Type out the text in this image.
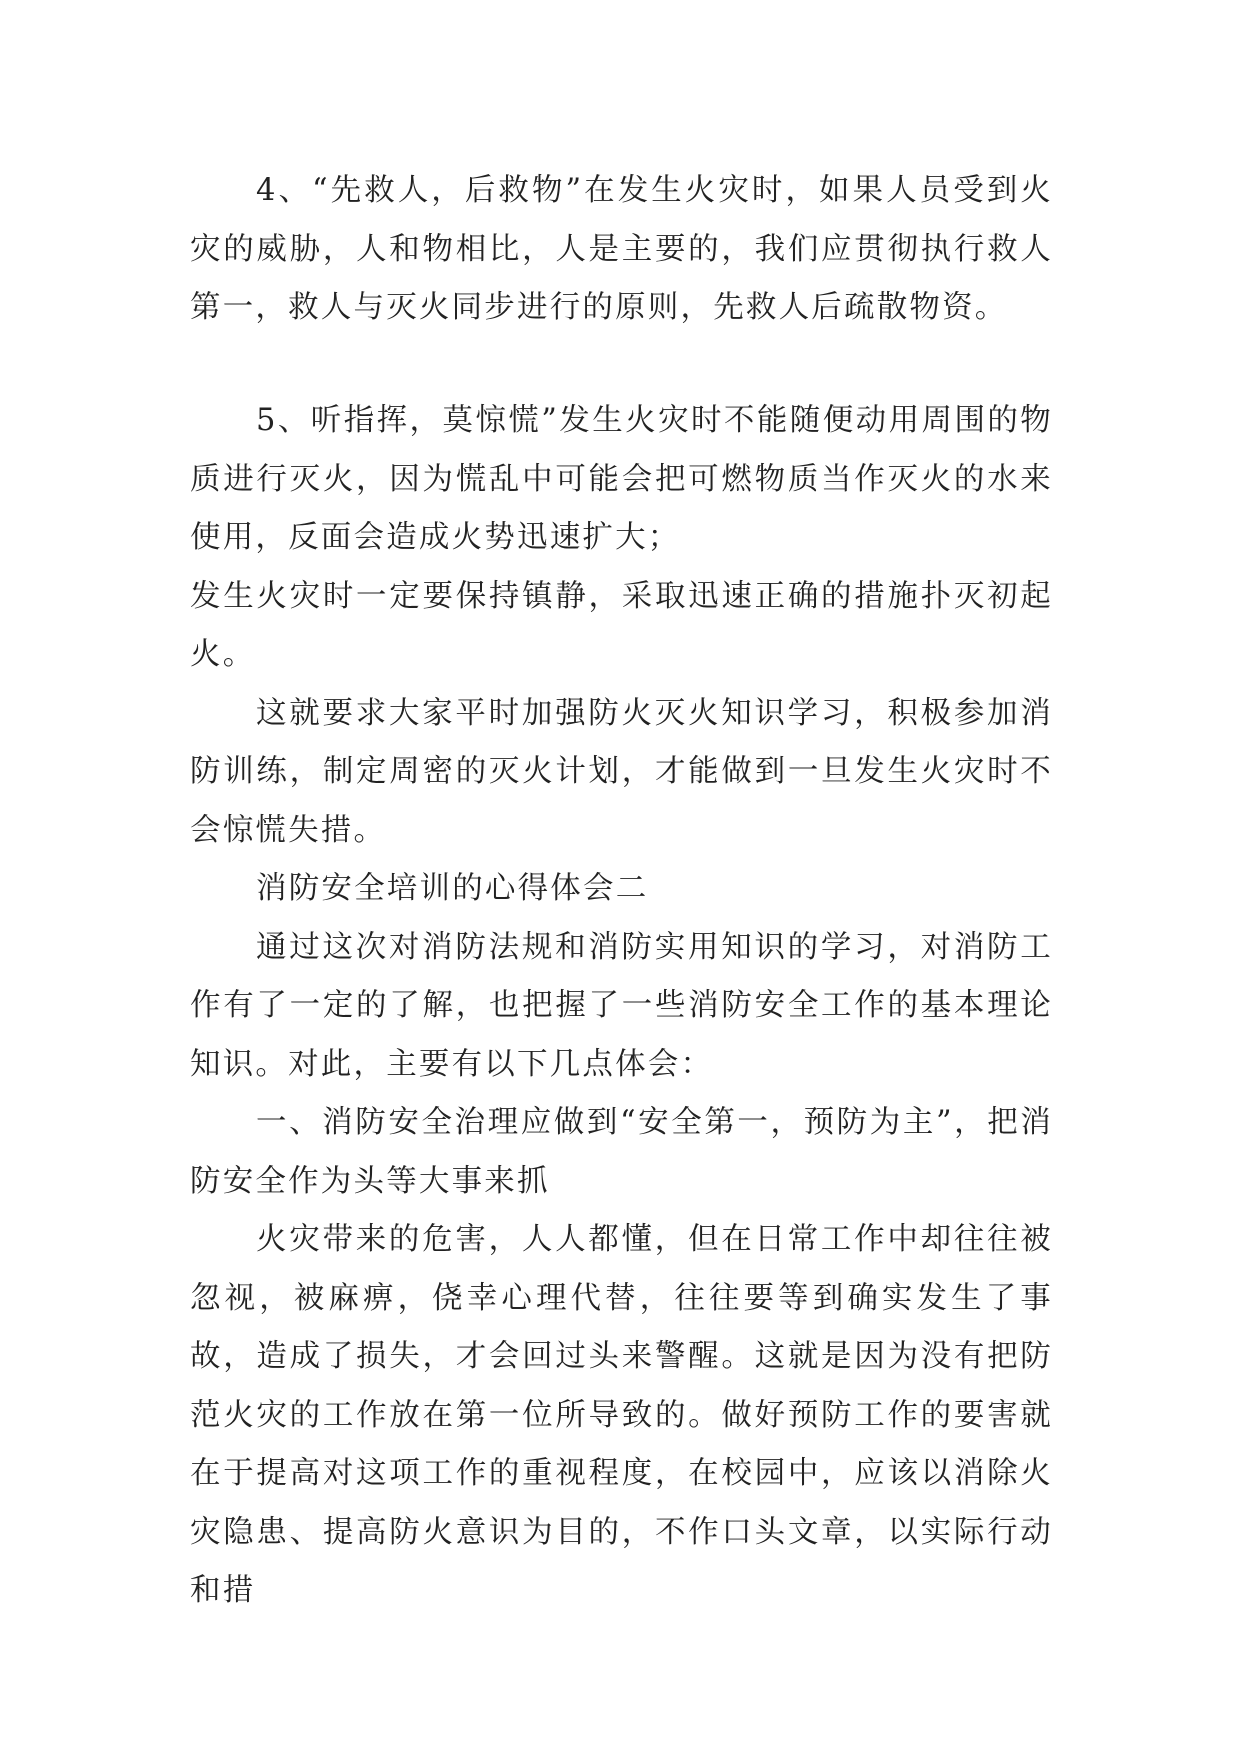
4、“先救人，后救物”在发生火灾时，如果人员受到火灾的威胁，人和物相比，人是主要的，我们应贯彻执行救人第一，救人与灭火同步进行的原则，先救人后疏散物资。

5、听指挥，莫惊慌”发生火灾时不能随便动用周围的物质进行灭火，因为慌乱中可能会把可燃物质当作灭火的水来使用，反面会造成火势迅速扩大；

发生火灾时一定要保持镇静，采取迅速正确的措施扑灭初起火。

这就要求大家平时加强防火灭火知识学习，积极参加消防训练，制定周密的灭火计划，才能做到一旦发生火灾时不会惊慌失措。

消防安全培训的心得体会二

通过这次对消防法规和消防实用知识的学习，对消防工作有了一定的了解，也把握了一些消防安全工作的基本理论知识。对此，主要有以下几点体会：

一、消防安全治理应做到“安全第一，预防为主”，把消防安全作为头等大事来抓

火灾带来的危害，人人都懂，但在日常工作中却往往被忽视，被麻痹，侥幸心理代替，往往要等到确实发生了事故，造成了损失，才会回过头来警醒。这就是因为没有把防范火灾的工作放在第一位所导致的。做好预防工作的要害就在于提高对这项工作的重视程度，在校园中，应该以消除火灾隐患、提高防火意识为目的，不作口头文章，以实际行动和措
